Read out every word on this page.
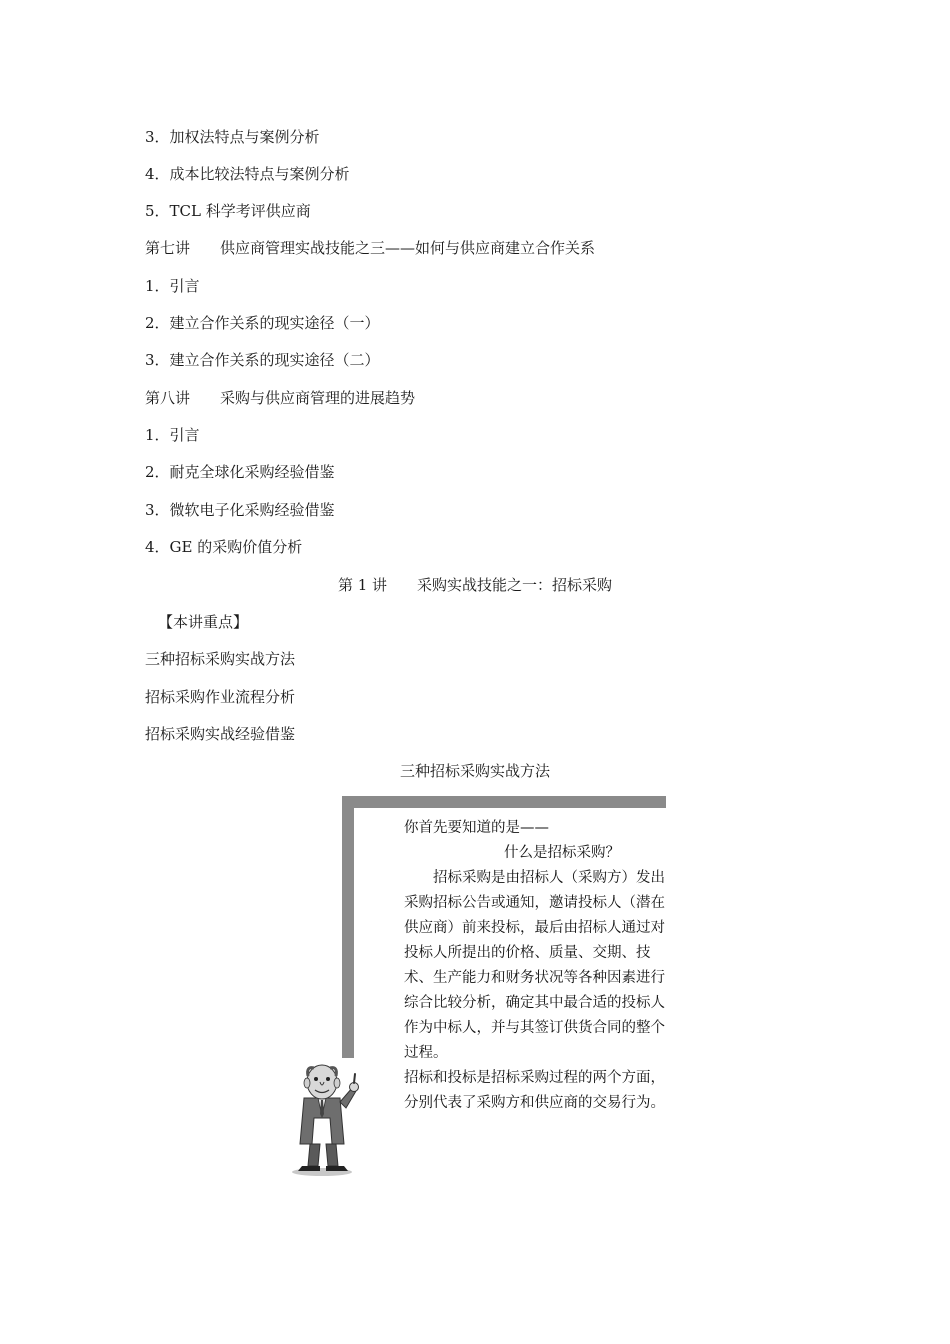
3．加权法特点与案例分析
4．成本比较法特点与案例分析
5．TCL 科学考评供应商
第七讲　　供应商管理实战技能之三——如何与供应商建立合作关系
1．引言
2．建立合作关系的现实途径（一）
3．建立合作关系的现实途径（二）
第八讲　　采购与供应商管理的进展趋势
1．引言
2．耐克全球化采购经验借鉴
3．微软电子化采购经验借鉴
4．GE 的采购价值分析
第 1 讲　　采购实战技能之一：招标采购
【本讲重点】
三种招标采购实战方法
招标采购作业流程分析
招标采购实战经验借鉴
三种招标采购实战方法

你首先要知道的是——

什么是招标采购？

招标采购是由招标人（采购方）发出采购招标公告或通知，邀请投标人（潜在供应商）前来投标，最后由招标人通过对投标人所提出的价格、质量、交期、技术、生产能力和财务状况等各种因素进行综合比较分析，确定其中最合适的投标人作为中标人，并与其签订供货合同的整个过程。

招标和投标是招标采购过程的两个方面，分别代表了采购方和供应商的交易行为。
